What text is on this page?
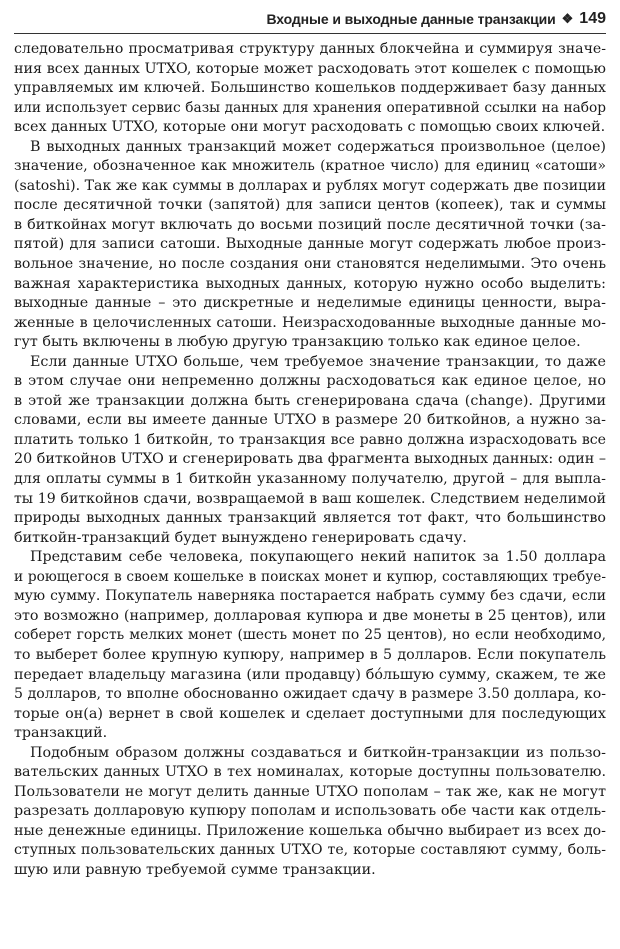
Входные и выходные данные транзакции ❖ 149
следовательно просматривая структуру данных блокчейна и суммируя значе-
ния всех данных UTXO, которые может расходовать этот кошелек с помощью
управляемых им ключей. Большинство кошельков поддерживает базу данных
или использует сервис базы данных для хранения оперативной ссылки на набор
всех данных UTXO, которые они могут расходовать с помощью своих ключей.
В выходных данных транзакций может содержаться произвольное (целое)
значение, обозначенное как множитель (кратное число) для единиц «сатоши»
(satoshi). Так же как суммы в долларах и рублях могут содержать две позиции
после десятичной точки (запятой) для записи центов (копеек), так и суммы
в биткойнах могут включать до восьми позиций после десятичной точки (за-
пятой) для записи сатоши. Выходные данные могут содержать любое произ-
вольное значение, но после создания они становятся неделимыми. Это очень
важная характеристика выходных данных, которую нужно особо выделить:
выходные данные – это дискретные и неделимые единицы ценности, выра-
женные в целочисленных сатоши. Неизрасходованные выходные данные мо-
гут быть включены в любую другую транзакцию только как единое целое.
Если данные UTXO больше, чем требуемое значение транзакции, то даже
в этом случае они непременно должны расходоваться как единое целое, но
в этой же транзакции должна быть сгенерирована сдача (change). Другими
словами, если вы имеете данные UTXO в размере 20 биткойнов, а нужно за-
платить только 1 биткойн, то транзакция все равно должна израсходовать все
20 биткойнов UTXO и сгенерировать два фрагмента выходных данных: один –
для оплаты суммы в 1 биткойн указанному получателю, другой – для выпла-
ты 19 биткойнов сдачи, возвращаемой в ваш кошелек. Следствием неделимой
природы выходных данных транзакций является тот факт, что большинство
биткойн-транзакций будет вынуждено генерировать сдачу.
Представим себе человека, покупающего некий напиток за 1.50 доллара
и роющегося в своем кошельке в поисках монет и купюр, составляющих требуе-
мую сумму. Покупатель наверняка постарается набрать сумму без сдачи, если
это возможно (например, долларовая купюра и две монеты в 25 центов), или
соберет горсть мелких монет (шесть монет по 25 центов), но если необходимо,
то выберет более крупную купюру, например в 5 долларов. Если покупатель
передает владельцу магазина (или продавцу) бóльшую сумму, скажем, те же
5 долларов, то вполне обоснованно ожидает сдачу в размере 3.50 доллара, ко-
торые он(а) вернет в свой кошелек и сделает доступными для последующих
транзакций.
Подобным образом должны создаваться и биткойн-транзакции из пользо-
вательских данных UTXO в тех номиналах, которые доступны пользователю.
Пользователи не могут делить данные UTXO пополам – так же, как не могут
разрезать долларовую купюру пополам и использовать обе части как отдель-
ные денежные единицы. Приложение кошелька обычно выбирает из всех до-
ступных пользовательских данных UTXO те, которые составляют сумму, боль-
шую или равную требуемой сумме транзакции.
